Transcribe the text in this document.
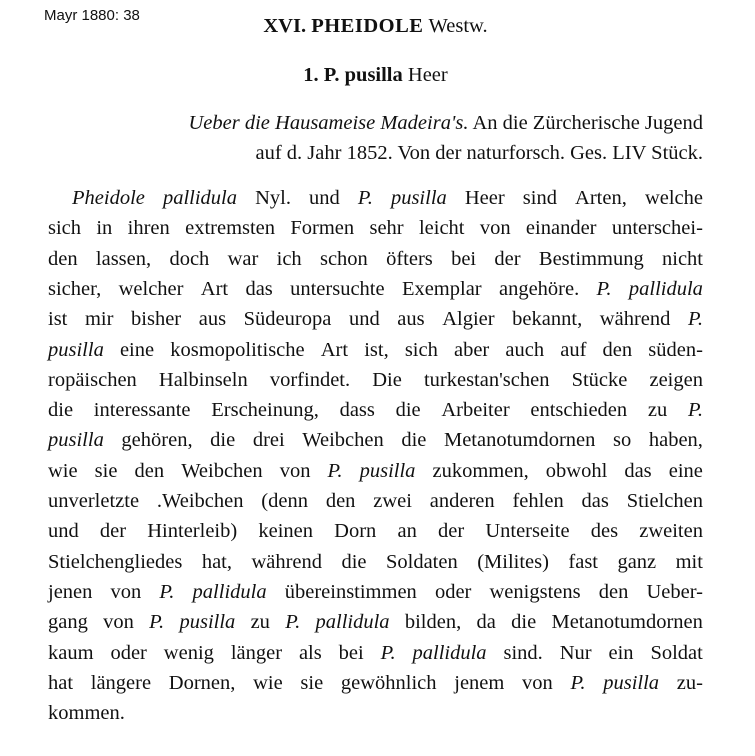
Mayr 1880: 38	XVI. PHEIDOLE Westw.
1. P. pusilla Heer
Ueber die Hausameise Madeira's. An die Zürcherische Jugend
auf d. Jahr 1852. Von der naturforsch. Ges. LIV Stück.
Pheidole pallidula Nyl. und P. pusilla Heer sind Arten, welche
sich in ihren extremsten Formen sehr leicht von einander unterschei-
den lassen, doch war ich schon öfters bei der Bestimmung nicht
sicher, welcher Art das untersuchte Exemplar angehöre. P. pallidula
ist mir bisher aus Südeuropa und aus Algier bekannt, während P.
pusilla eine kosmopolitische Art ist, sich aber auch auf den süden-
ropäischen Halbinseln vorfindet. Die turkestan'schen Stücke zeigen
die interessante Erscheinung, dass die Arbeiter entschieden zu P.
pusilla gehören, die drei Weibchen die Metanotumdornen so haben,
wie sie den Weibchen von P. pusilla zukommen, obwohl das eine
unverletzte .Weibchen (denn den zwei anderen fehlen das Stielchen
und der Hinterleib) keinen Dorn an der Unterseite des zweiten
Stielchengliedes hat, während die Soldaten (Milites) fast ganz mit
jenen von P. pallidula übereinstimmen oder wenigstens den Ueber-
gang von P. pusilla zu P. pallidula bilden, da die Metanotumdornen
kaum oder wenig länger als bei P. pallidula sind. Nur ein Soldat
hat längere Dornen, wie sie gewöhnlich jenem von P. pusilla zu-
kommen.
